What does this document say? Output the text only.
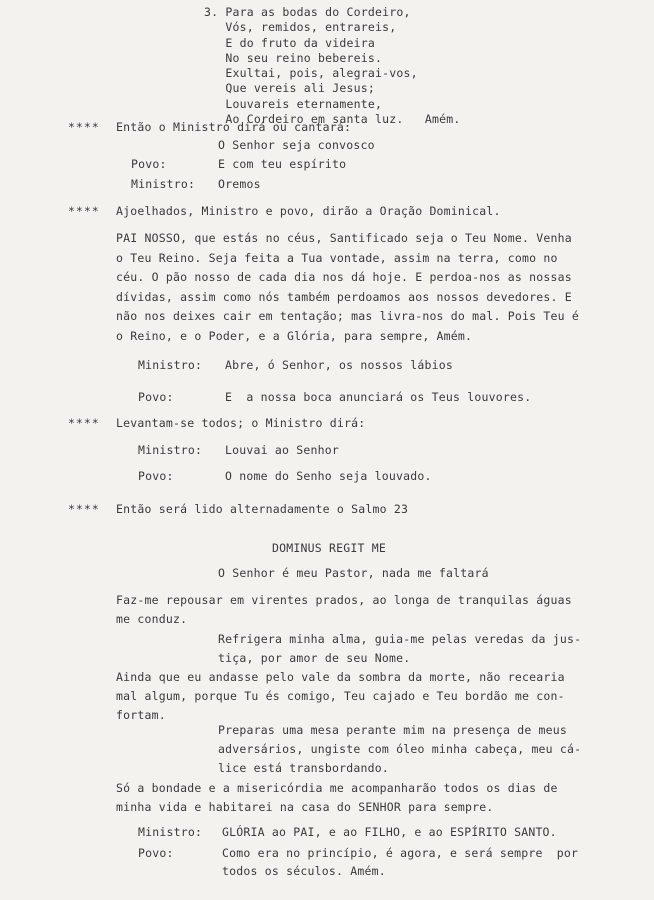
3. Para as bodas do Cordeiro,
Vós, remidos, entrareis,
E do fruto da videira
No seu reino bebereis.
Exultai, pois, alegrai-vos,
Que vereis ali Jesus;
Louvareis eternamente,
Ao Cordeiro em santa luz.   Amém.
**** Então o Ministro dirá ou cantará:
O Senhor seja convosco
Povo:	E com teu espírito
Ministro: Oremos
**** Ajoelhados, Ministro e povo, dirão a Oração Dominical.
PAI NOSSO, que estás no céus, Santificado seja o Teu Nome. Venha
o Teu Reino. Seja feita a Tua vontade, assim na terra, como no
céu. O pão nosso de cada dia nos dá hoje. E perdoa-nos as nossas
dívidas, assim como nós também perdoamos aos nossos devedores. E
não nos deixes cair em tentação; mas livra-nos do mal. Pois Teu é
o Reino, e o Poder, e a Glória, para sempre, Amém.
Ministro: Abre, ó Senhor, os nossos lábios
Povo:	E  a nossa boca anunciará os Teus louvores.
**** Levantam-se todos; o Ministro dirá:
Ministro: Louvai ao Senhor
Povo:	O nome do Senho seja louvado.
**** Então será lido alternadamente o Salmo 23
DOMINUS REGIT ME
O Senhor é meu Pastor, nada me faltará
Faz-me repousar em virentes prados, ao longa de tranquilas águas
me conduz.
Refrigera minha alma, guia-me pelas veredas da jus-
tiça, por amor de seu Nome.
Ainda que eu andasse pelo vale da sombra da morte, não recearia
mal algum, porque Tu és comigo, Teu cajado e Teu bordão me con-
fortam.
Preparas uma mesa perante mim na presença de meus
adversários, ungiste com óleo minha cabeça, meu cá-
lice está transbordando.
Só a bondade e a misericórdia me acompanharão todos os dias de
minha vida e habitarei na casa do SENHOR para sempre.
Ministro: GLÓRIA ao PAI, e ao FILHO, e ao ESPÍRITO SANTO.
Povo:	Como era no princípio, é agora, e será sempre  por
todos os séculos. Amém.
